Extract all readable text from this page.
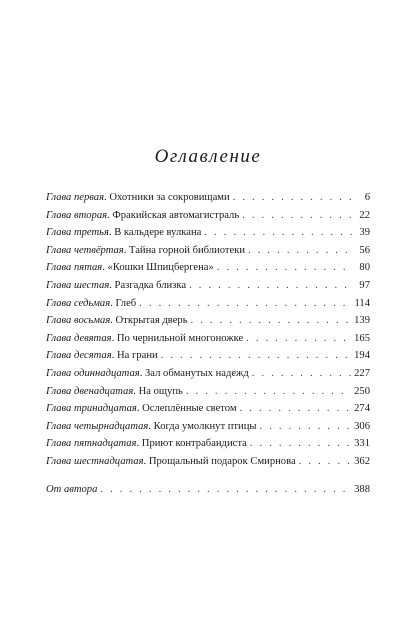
Оглавление
Глава первая . Охотники за сокровищами . . .	6
Глава вторая . Фракийская автомагистраль . . .	22
Глава третья . В кальдере вулкана . . .	39
Глава четвёртая . Тайна горной библиотеки . . .	56
Глава пятая . «Кошки Шпицбергена» . . .	80
Глава шестая . Разгадка близка . . .	97
Глава седьмая . Глеб . . .	114
Глава восьмая . Открытая дверь . . .	139
Глава девятая . По чернильной многоножке . . .	165
Глава десятая . На грани . . .	194
Глава одиннадцатая . Зал обманутых надежд . . .	227
Глава двенадцатая . На ощупь . . .	250
Глава тринадцатая . Ослеплённые светом . . .	274
Глава четырнадцатая . Когда умолкнут птицы . . .	306
Глава пятнадцатая . Приют контрабандиста . . .	331
Глава шестнадцатая . Прощальный подарок Смирнова . . .	362
От автора . . .	388
